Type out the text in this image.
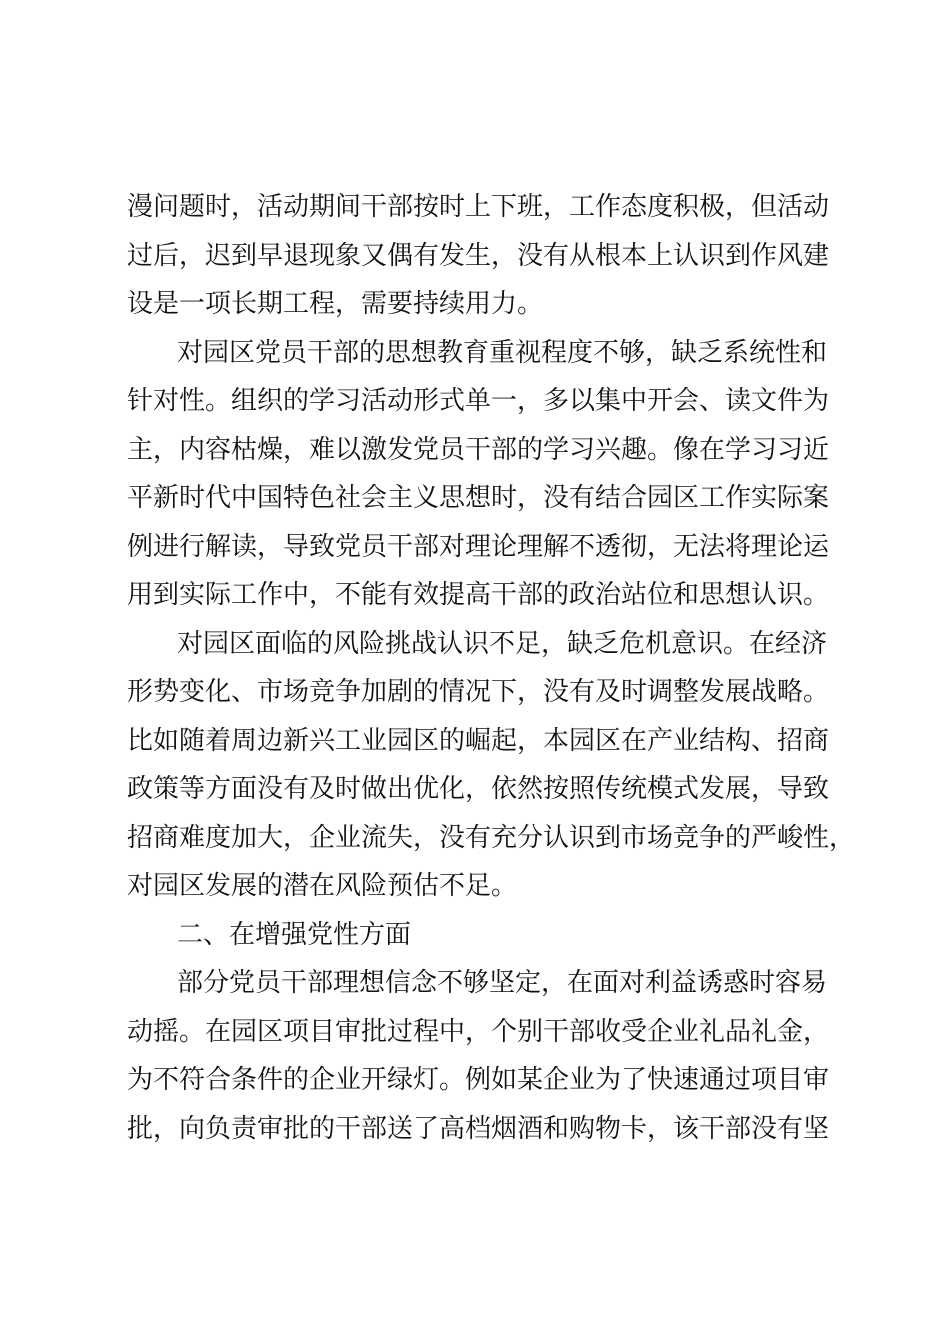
漫问题时，活动期间干部按时上下班，工作态度积极，但活动
过后，迟到早退现象又偶有发生，没有从根本上认识到作风建
设是一项长期工程，需要持续用力。
对园区党员干部的思想教育重视程度不够，缺乏系统性和
针对性。组织的学习活动形式单一，多以集中开会、读文件为
主，内容枯燥，难以激发党员干部的学习兴趣。像在学习习近
平新时代中国特色社会主义思想时，没有结合园区工作实际案
例进行解读，导致党员干部对理论理解不透彻，无法将理论运
用到实际工作中，不能有效提高干部的政治站位和思想认识。
对园区面临的风险挑战认识不足，缺乏危机意识。在经济
形势变化、市场竞争加剧的情况下，没有及时调整发展战略。
比如随着周边新兴工业园区的崛起，本园区在产业结构、招商
政策等方面没有及时做出优化，依然按照传统模式发展，导致
招商难度加大，企业流失，没有充分认识到市场竞争的严峻性，
对园区发展的潜在风险预估不足。
二、在增强党性方面
部分党员干部理想信念不够坚定，在面对利益诱惑时容易
动摇。在园区项目审批过程中，个别干部收受企业礼品礼金，
为不符合条件的企业开绿灯。例如某企业为了快速通过项目审
批，向负责审批的干部送了高档烟酒和购物卡，该干部没有坚
